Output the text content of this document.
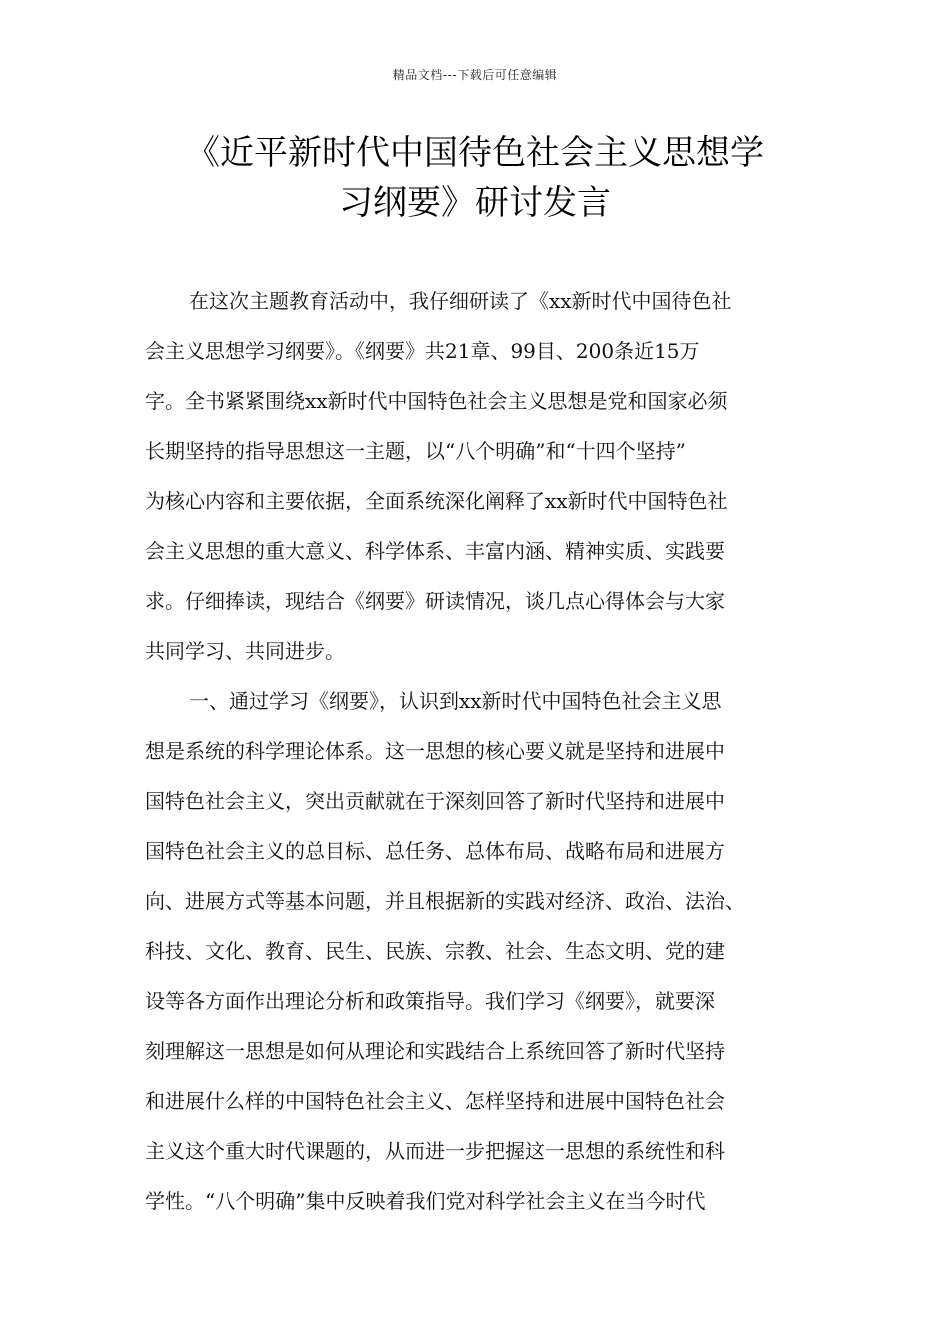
精品文档---下载后可任意编辑
《近平新时代中国待色社会主义思想学
习纲要》研讨发言
在这次主题教育活动中，我仔细研读了《xx新时代中国待色社
会主义思想学习纲要》。《纲要》共21章、99目、200条近15万
字。全书紧紧围绕xx新时代中国特色社会主义思想是党和国家必须
长期坚持的指导思想这一主题，以“八个明确”和“十四个坚持”
为核心内容和主要依据，全面系统深化阐释了xx新时代中国特色社
会主义思想的重大意义、科学体系、丰富内涵、精神实质、实践要
求。仔细捧读，现结合《纲要》研读情况，谈几点心得体会与大家
共同学习、共同进步。
一、通过学习《纲要》，认识到xx新时代中国特色社会主义思
想是系统的科学理论体系。这一思想的核心要义就是坚持和进展中
国特色社会主义，突出贡献就在于深刻回答了新时代坚持和进展中
国特色社会主义的总目标、总任务、总体布局、战略布局和进展方
向、进展方式等基本问题，并且根据新的实践对经济、政治、法治、
科技、文化、教育、民生、民族、宗教、社会、生态文明、党的建
设等各方面作出理论分析和政策指导。我们学习《纲要》，就要深
刻理解这一思想是如何从理论和实践结合上系统回答了新时代坚持
和进展什么样的中国特色社会主义、怎样坚持和进展中国特色社会
主义这个重大时代课题的，从而进一步把握这一思想的系统性和科
学性。“八个明确”集中反映着我们党对科学社会主义在当今时代
